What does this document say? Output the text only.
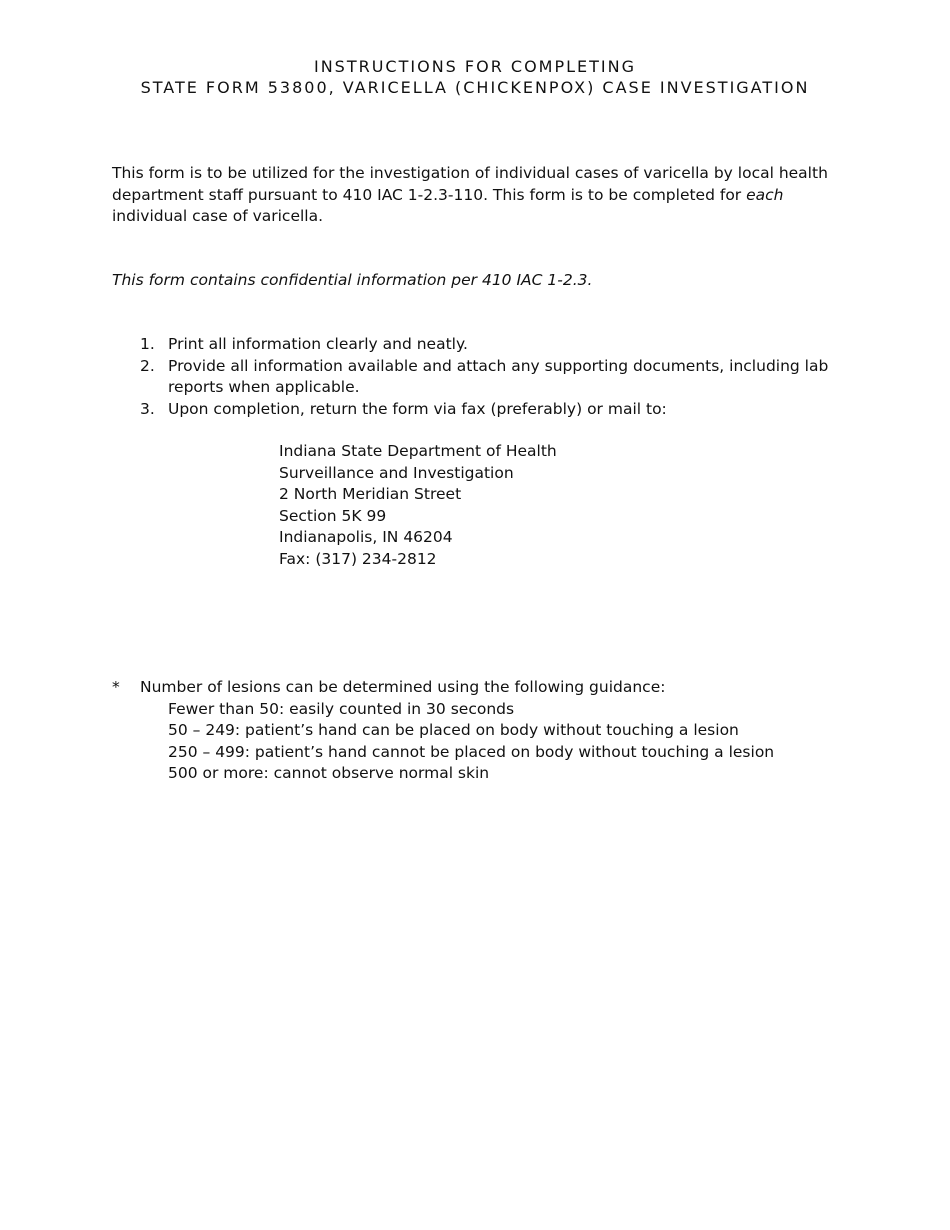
INSTRUCTIONS FOR COMPLETING
STATE FORM 53800, VARICELLA (CHICKENPOX) CASE INVESTIGATION
This form is to be utilized for the investigation of individual cases of varicella by local health
department staff pursuant to 410 IAC 1-2.3-110. This form is to be completed for each
individual case of varicella.
This form contains confidential information per 410 IAC 1-2.3.
1. Print all information clearly and neatly.
2. Provide all information available and attach any supporting documents, including lab
reports when applicable.
3. Upon completion, return the form via fax (preferably) or mail to:
Indiana State Department of Health
Surveillance and Investigation
2 North Meridian Street
Section 5K 99
Indianapolis, IN 46204
Fax: (317) 234-2812
* Number of lesions can be determined using the following guidance:
Fewer than 50: easily counted in 30 seconds
50 – 249: patient’s hand can be placed on body without touching a lesion
250 – 499: patient’s hand cannot be placed on body without touching a lesion
500 or more: cannot observe normal skin
